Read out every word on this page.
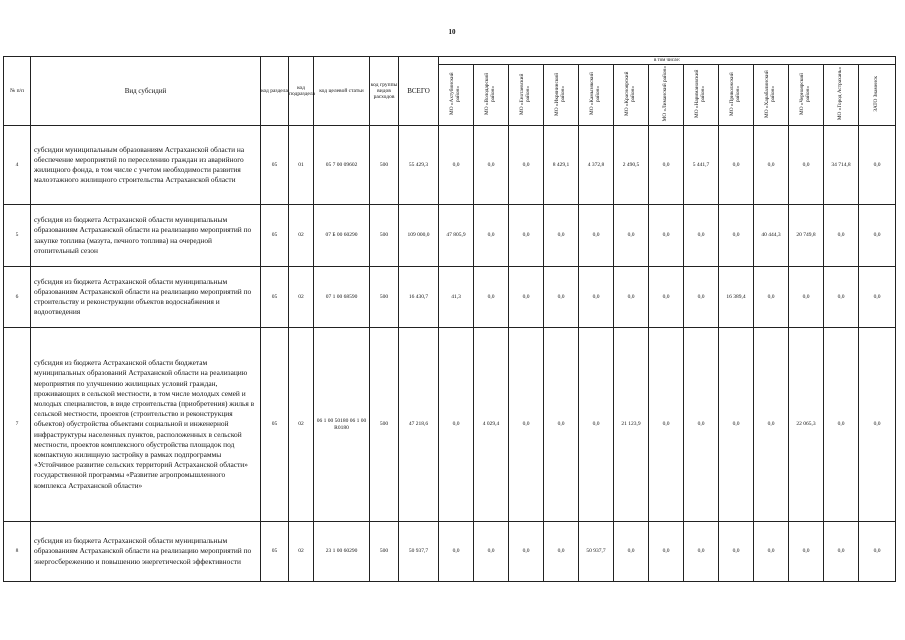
10
№ п/п	Вид субсидий	код раздела	код подраздела	код целевой статьи	код группы видов расходов	ВСЕГО	в том числе:												
							МО «Ахтубинский район»	МО «Володарский район»	МО «Енотаевский район»	МО «Икрянинский район»	МО «Камызякский район»	МО «Красноярский район»	МО «Лиманский район»	МО «Наримановский район»	МО «Приволжский район»	МО «Харабалинский район»	МО «Черноярский район»	МО «Город Астрахань»	ЗАТО Знаменск
4	субсидии муниципальным образованиям Астраханской области на обеспечение мероприятий по переселению граждан из аварийного жилищного фонда, в том числе с учетом необходимости развития малоэтажного жилищного строительства Астраханской области	05	01	05 7 00 09602	500	55 429,3	0,0	0,0	0,0	8 429,1	4 372,8	2 490,5	0,0	5 441,7	0,0	0,0	0,0	34 714,8	0,0
5	субсидия из бюджета Астраханской области муниципальным образованиям Астраханской области на реализацию мероприятий по закупке топлива (мазута, печного топлива) на очередной отопительный сезон	05	02	07 Б 00 60290	500	109 000,0	47 805,9	0,0	0,0	0,0	0,0	0,0	0,0	0,0	0,0	40 444,3	20 749,8	0,0	0,0
6	субсидия из бюджета Астраханской области муниципальным образованиям Астраханской области на реализацию мероприятий по строительству и реконструкции объектов водоснабжения и водоотведения	05	02	07 1 00 68590	500	16 430,7	41,3	0,0	0,0	0,0	0,0	0,0	0,0	0,0	16 389,4	0,0	0,0	0,0	0,0
7	субсидия из бюджета Астраханской области бюджетам муниципальных образований Астраханской области на реализацию мероприятия по улучшению жилищных условий граждан, проживающих в сельской местности, в том числе молодых семей и молодых специалистов, в виде строительства (приобретения) жилья в сельской местности, проектов (строительство и реконструкция объектов) обустройства объектами социальной и инженерной инфраструктуры населенных пунктов, расположенных в сельской местности, проектов комплексного обустройства площадок под компактную жилищную застройку в рамках подпрограммы «Устойчивое развитие сельских территорий Астраханской области» государственной программы «Развитие агропромышленного комплекса Астраханской области»	05	02	06 1 00 50180 06 1 00 R0180	500	47 218,6	0,0	4 029,4	0,0	0,0	0,0	21 123,9	0,0	0,0	0,0	0,0	22 065,3	0,0	0,0
8	субсидия из бюджета Астраханской области муниципальным образованиям Астраханской области на реализацию мероприятий по энергосбережению и повышению энергетической эффективности	05	02	23 1 00 60290	500	50 937,7	0,0	0,0	0,0	0,0	50 937,7	0,0	0,0	0,0	0,0	0,0	0,0	0,0	0,0
